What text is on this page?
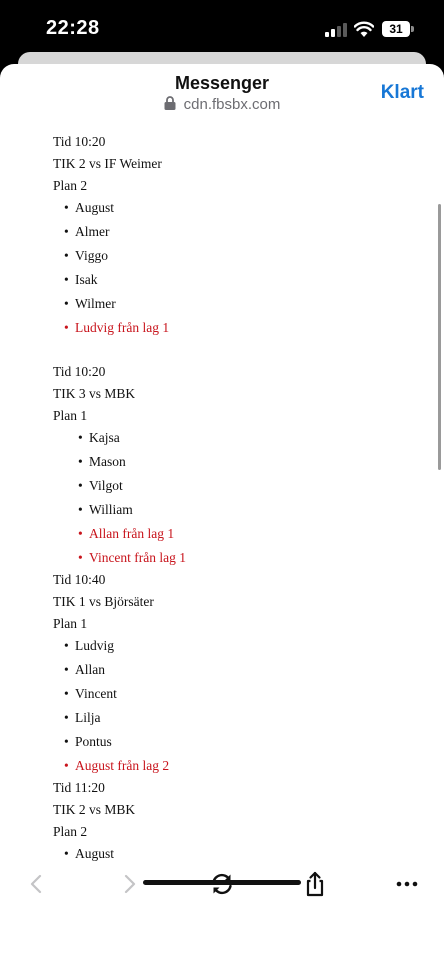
22:28	31
Messenger
cdn.fbsbx.com
Klart
Tid 10:20
TIK 2 vs IF Weimer
Plan 2
• August
• Almer
• Viggo
• Isak
• Wilmer
• Ludvig från lag 1
Tid 10:20
TIK 3 vs MBK
Plan 1
• Kajsa
• Mason
• Vilgot
• William
• Allan från lag 1
• Vincent från lag 1
Tid 10:40
TIK 1 vs Björsäter
Plan 1
• Ludvig
• Allan
• Vincent
• Lilja
• Pontus
• August från lag 2
Tid 11:20
TIK 2 vs MBK
Plan 2
• August
